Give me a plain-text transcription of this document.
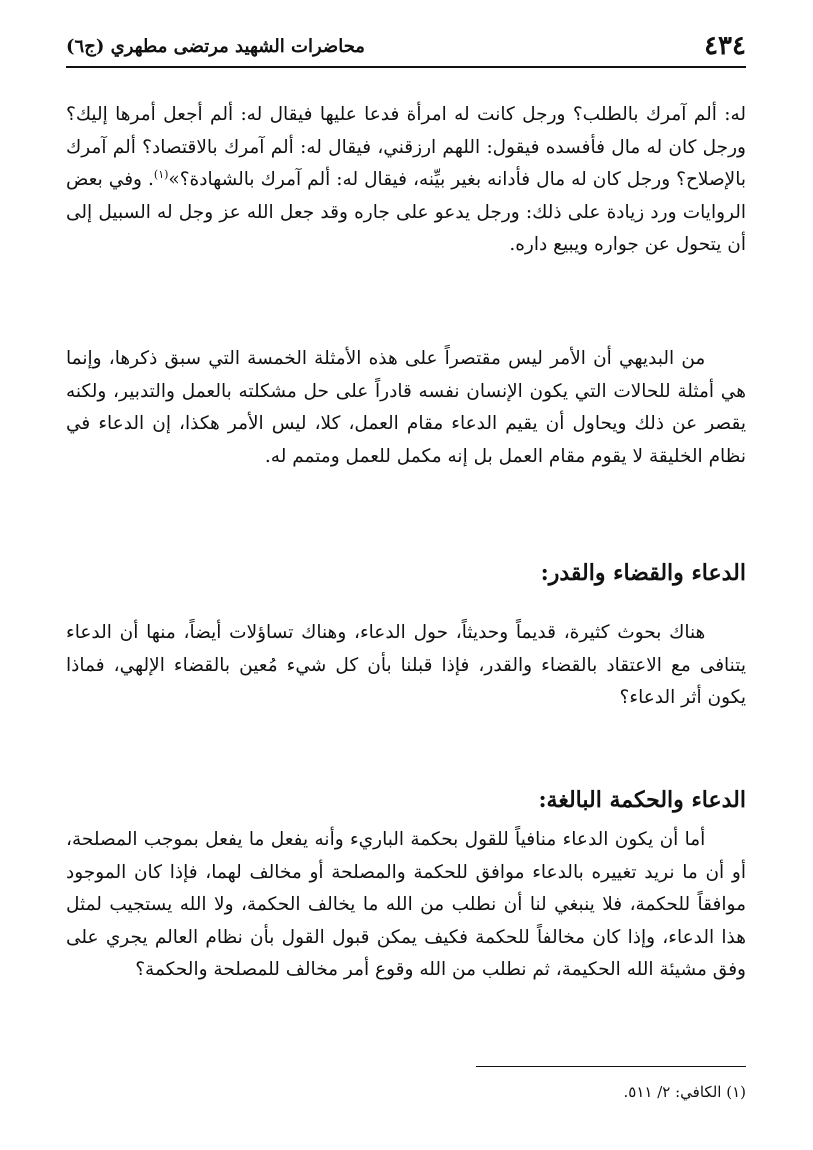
٤٣٤
محاضرات الشهيد مرتضى مطهري (ج٦)

له: ألم آمرك بالطلب؟ ورجل كانت له امرأة فدعا عليها فيقال له: ألم أجعل أمرها إليك؟ ورجل كان له مال فأفسده فيقول: اللهم ارزقني، فيقال له: ألم آمرك بالاقتصاد؟ ألم آمرك بالإصلاح؟ ورجل كان له مال فأدانه بغير بيِّنه، فيقال له: ألم آمرك بالشهادة؟»$^{(١)}$. وفي بعض الروايات ورد زيادة على ذلك: ورجل يدعو على جاره وقد جعل الله عز وجل له السبيل إلى أن يتحول عن جواره ويبيع داره.

من البديهي أن الأمر ليس مقتصراً على هذه الأمثلة الخمسة التي سبق ذكرها، وإنما هي أمثلة للحالات التي يكون الإنسان نفسه قادراً على حل مشكلته بالعمل والتدبير، ولكنه يقصر عن ذلك ويحاول أن يقيم الدعاء مقام العمل، كلا، ليس الأمر هكذا، إن الدعاء في نظام الخليقة لا يقوم مقام العمل بل إنه مكمل للعمل ومتمم له.
الدعاء والقضاء والقدر:
هناك بحوث كثيرة، قديماً وحديثاً، حول الدعاء، وهناك تساؤلات أيضاً، منها أن الدعاء يتنافى مع الاعتقاد بالقضاء والقدر، فإذا قبلنا بأن كل شيء مُعين بالقضاء الإلهي، فماذا يكون أثر الدعاء؟
الدعاء والحكمة البالغة:
أما أن يكون الدعاء منافياً للقول بحكمة الباريء وأنه يفعل ما يفعل بموجب المصلحة، أو أن ما نريد تغييره بالدعاء موافق للحكمة والمصلحة أو مخالف لهما، فإذا كان الموجود موافقاً للحكمة، فلا ينبغي لنا أن نطلب من الله ما يخالف الحكمة، ولا الله يستجيب لمثل هذا الدعاء، وإذا كان مخالفاً للحكمة فكيف يمكن قبول القول بأن نظام العالم يجري على وفق مشيئة الله الحكيمة، ثم نطلب من الله وقوع أمر مخالف للمصلحة والحكمة؟
(١) الكافي: ٢/ ٥١١.
